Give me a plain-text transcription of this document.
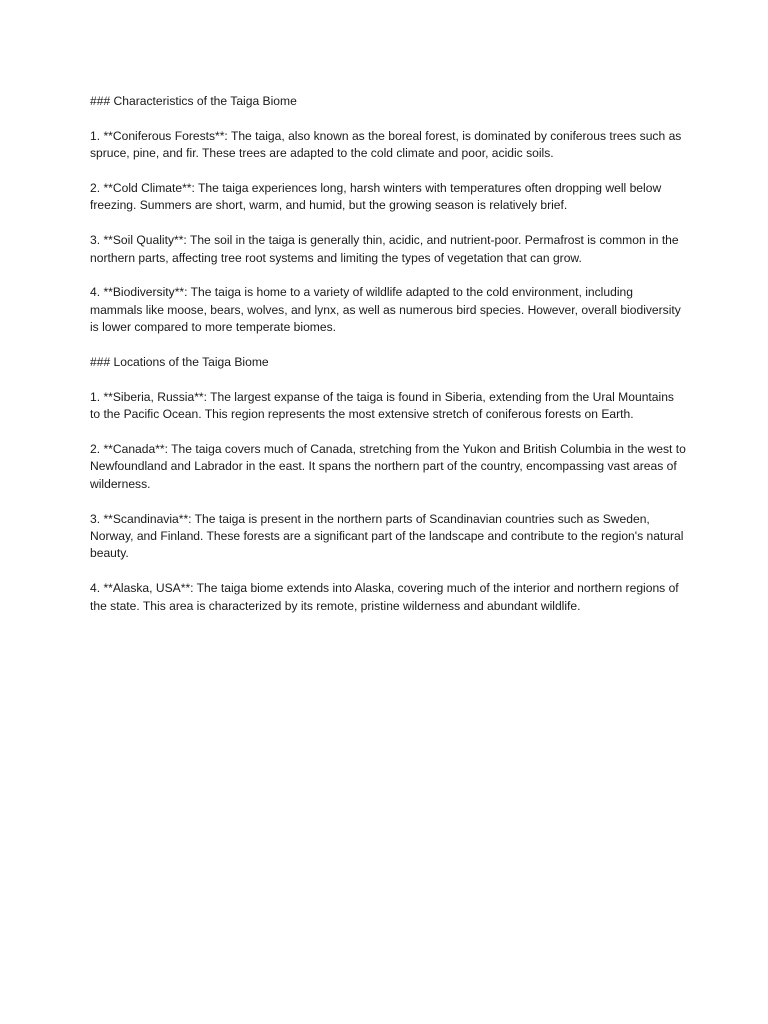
### Characteristics of the Taiga Biome

1. **Coniferous Forests**: The taiga, also known as the boreal forest, is dominated by coniferous trees such as spruce, pine, and fir. These trees are adapted to the cold climate and poor, acidic soils.

2. **Cold Climate**: The taiga experiences long, harsh winters with temperatures often dropping well below freezing. Summers are short, warm, and humid, but the growing season is relatively brief.

3. **Soil Quality**: The soil in the taiga is generally thin, acidic, and nutrient-poor. Permafrost is common in the northern parts, affecting tree root systems and limiting the types of vegetation that can grow.

4. **Biodiversity**: The taiga is home to a variety of wildlife adapted to the cold environment, including mammals like moose, bears, wolves, and lynx, as well as numerous bird species. However, overall biodiversity is lower compared to more temperate biomes.

### Locations of the Taiga Biome

1. **Siberia, Russia**: The largest expanse of the taiga is found in Siberia, extending from the Ural Mountains to the Pacific Ocean. This region represents the most extensive stretch of coniferous forests on Earth.

2. **Canada**: The taiga covers much of Canada, stretching from the Yukon and British Columbia in the west to Newfoundland and Labrador in the east. It spans the northern part of the country, encompassing vast areas of wilderness.

3. **Scandinavia**: The taiga is present in the northern parts of Scandinavian countries such as Sweden, Norway, and Finland. These forests are a significant part of the landscape and contribute to the region's natural beauty.

4. **Alaska, USA**: The taiga biome extends into Alaska, covering much of the interior and northern regions of the state. This area is characterized by its remote, pristine wilderness and abundant wildlife.
